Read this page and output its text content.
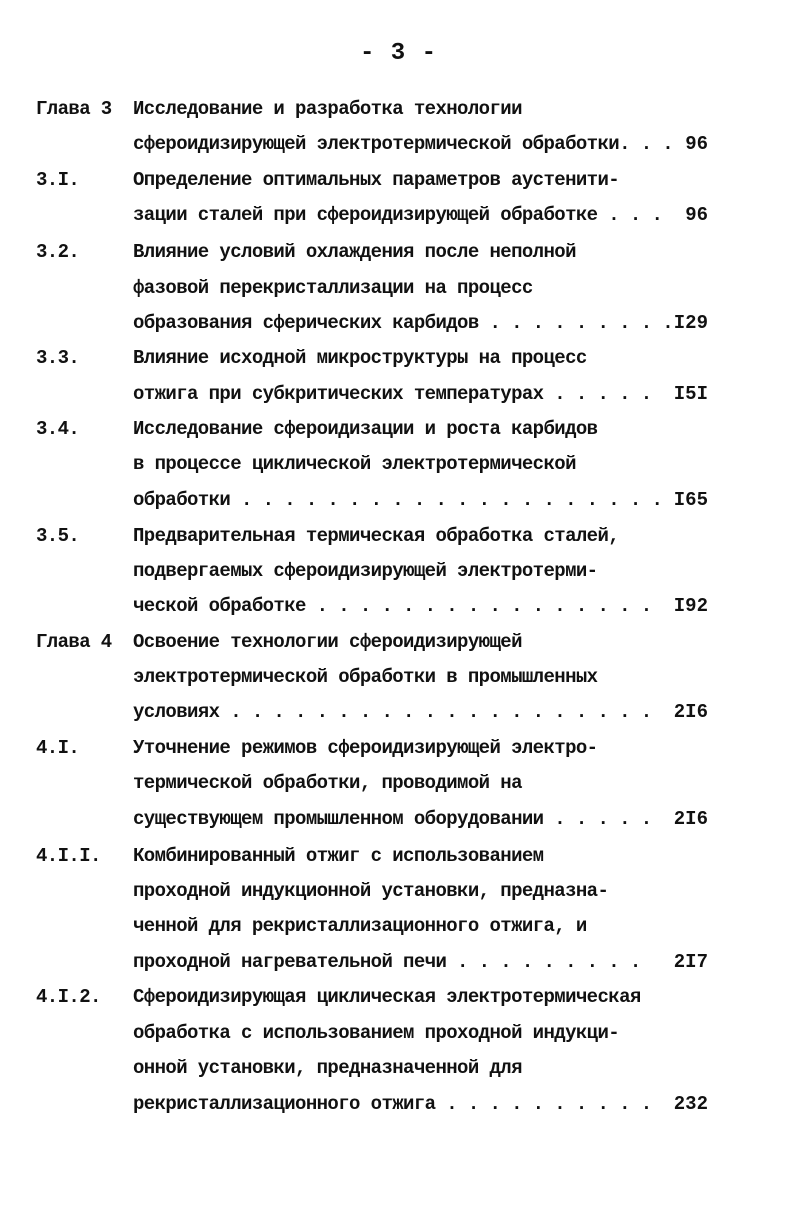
- 3 -
Глава 3	Исследование и разработка технологии
сфероидизирующей электротермической обработки. . . 96
3.I.	Определение оптимальных параметров аустенити-
зации сталей при сфероидизирующей обработке . . .	96
3.2.	Влияние условий охлаждения после неполной
фазовой перекристаллизации на процесс
образования сферических карбидов . . . . . . . . . I29
3.3.	Влияние исходной микроструктуры на процесс
отжига при субкритических температурах . . . . .	I5I
3.4.	Исследование сфероидизации и роста карбидов
в процессе циклической электротермической
обработки . . . . . . . . . . . . . . . . . . . . I65
3.5.	Предварительная термическая обработка сталей,
подвергаемых сфероидизирующей электротерми-
ческой обработке . . . . . . . . . . . . . . . .	I92
Глава 4	Освоение технологии сфероидизирующей
электротермической обработки в промышленных
условиях . . . . . . . . . . . . . . . . . . . .	2I6
4.I.	Уточнение режимов сфероидизирующей электро-
термической обработки, проводимой на
существующем промышленном оборудовании . . . . .	2I6
4.I.I.	Комбинированный отжиг с использованием
проходной индукционной установки, предназна-
ченной для рекристаллизационного отжига, и
проходной нагревательной печи . . . . . . . . .	2I7
4.I.2.	Сфероидизирующая циклическая электротермическая
обработка с использованием проходной индукци-
онной установки, предназначенной для
рекристаллизационного отжига . . . . . . . . . .	232
